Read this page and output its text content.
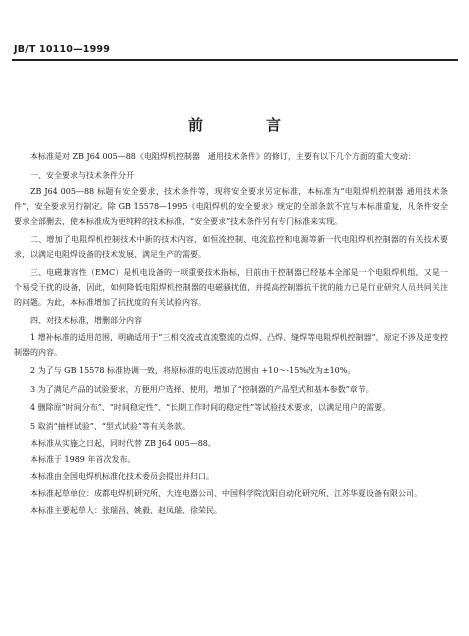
JB/T 10110—1999
前　言

本标准是对 ZB J64 005—88《电阻焊机控制器　通用技术条件》的修订，主要有以下几个方面的重大变动：

一、安全要求与技术条件分开

ZB J64 005—88 标题有安全要求、技术条件等，现将安全要求另定标准，本标准为“电阻焊机控制器 通用技术条件”，安全要求另行制定。除 GB 15578—1995《电阻焊机的安全要求》规定的全部条款不宜与本标准重复，凡条件安全要求全部删去，使本标准成为更纯粹的技术标准，“安全要求”技术条件另有专门标准来实现。

二、增加了电阻焊机控制技术中新的技术内容，如恒流控制、电流监控和电源等新一代电阻焊机控制器的有关技术要求，以满足电阻焊设备的技术发展、满足生产的需要。

三、电磁兼容性（EMC）是机电设备的一项重要技术指标，目前由于控制器已经基本全部是一个电阻焊机组，又是一个易受干扰的设备，因此，如何降低电阻焊机控制器的电磁骚扰值，并提高控制器抗干扰的能力已是行业研究人员共同关注的问题。为此，本标准增加了抗扰度的有关试验内容。

四、对技术标准，增删部分内容

1 增补标准的适用范围，明确适用于“三相交流或直流整流的点焊、凸焊、缝焊等电阻焊机控制器”，原定不涉及逆变控制器的内容。

2 为了与 GB 15578 标准协调一致，将原标准的电压波动范围由 +10～-15%改为±10%。

3 为了满足产品的试验要求，方便用户选择、使用，增加了“控制器的产品型式和基本参数”章节。

4 删除原“时间分布”、“时间稳定性”、“长期工作时间的稳定性”等试验技术要求，以满足用户的需要。

5 取消“抽样试验”、“型式试验”等有关条款。

本标准从实施之日起，同时代替 ZB J64 005—88。

本标准于 1989 年首次发布。

本标准由全国电焊机标准化技术委员会提出并归口。

本标准起草单位：成都电焊机研究所、大连电器公司、中国科学院沈阳自动化研究所、江苏华夏设备有限公司。

本标准主要起草人：张瑞昌、姚毅、赵凤瑞、徐荣民。
